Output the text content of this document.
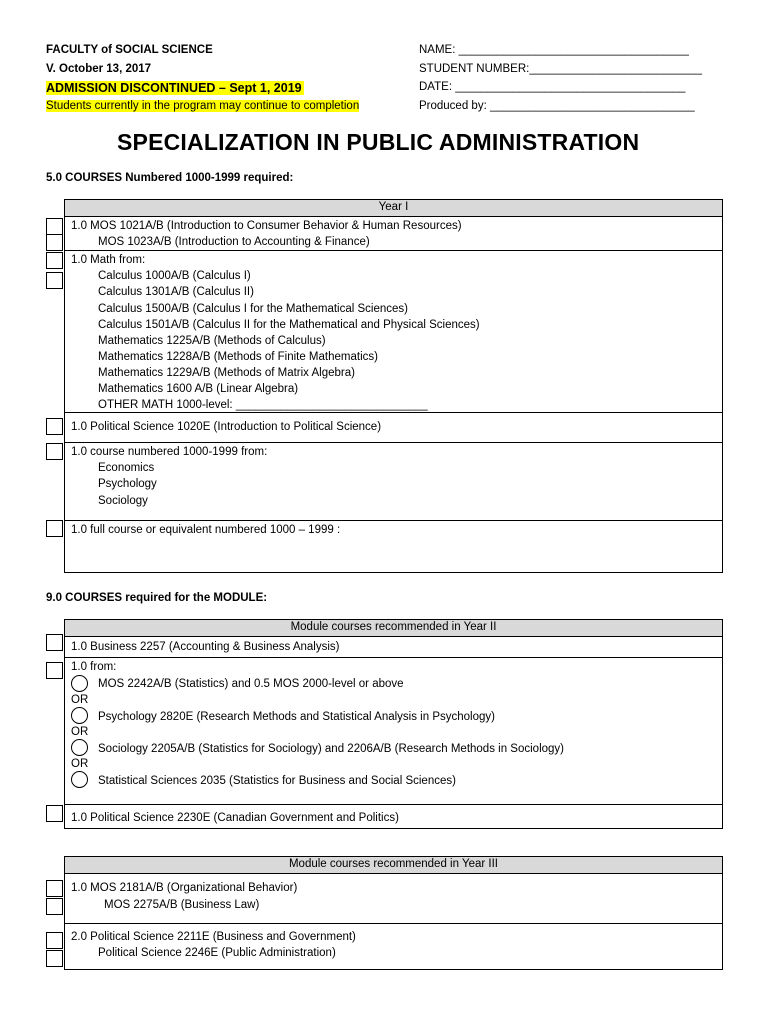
FACULTY of SOCIAL SCIENCE
V. October 13, 2017
ADMISSION DISCONTINUED – Sept 1, 2019
Students currently in the program may continue to completion
NAME: ____________________________________
STUDENT NUMBER:___________________________
DATE: ____________________________________
Produced by: ________________________________
SPECIALIZATION IN PUBLIC ADMINISTRATION
5.0 COURSES Numbered 1000-1999 required:
Year I
1.0 MOS 1021A/B (Introduction to Consumer Behavior & Human Resources)
MOS 1023A/B (Introduction to Accounting & Finance)
1.0 Math from:
Calculus 1000A/B (Calculus I)
Calculus 1301A/B (Calculus II)
Calculus 1500A/B (Calculus I for the Mathematical Sciences)
Calculus 1501A/B (Calculus II for the Mathematical and Physical Sciences)
Mathematics 1225A/B (Methods of Calculus)
Mathematics 1228A/B (Methods of Finite Mathematics)
Mathematics 1229A/B (Methods of Matrix Algebra)
Mathematics 1600 A/B (Linear Algebra)
OTHER MATH 1000-level: ______________________________
1.0 Political Science 1020E (Introduction to Political Science)
1.0 course numbered 1000-1999 from:
Economics
Psychology
Sociology
1.0 full course or equivalent numbered 1000 – 1999 :
9.0 COURSES required for the MODULE:
Module courses recommended in Year II
1.0 Business 2257 (Accounting & Business Analysis)
1.0 from:
MOS 2242A/B (Statistics) and 0.5 MOS 2000-level or above
OR
Psychology 2820E (Research Methods and Statistical Analysis in Psychology)
OR
Sociology 2205A/B (Statistics for Sociology) and 2206A/B (Research Methods in Sociology)
OR
Statistical Sciences 2035 (Statistics for Business and Social Sciences)
1.0 Political Science 2230E (Canadian Government and Politics)
Module courses recommended in Year III
1.0 MOS 2181A/B (Organizational Behavior)
MOS 2275A/B (Business Law)
2.0 Political Science 2211E (Business and Government)
Political Science 2246E (Public Administration)
